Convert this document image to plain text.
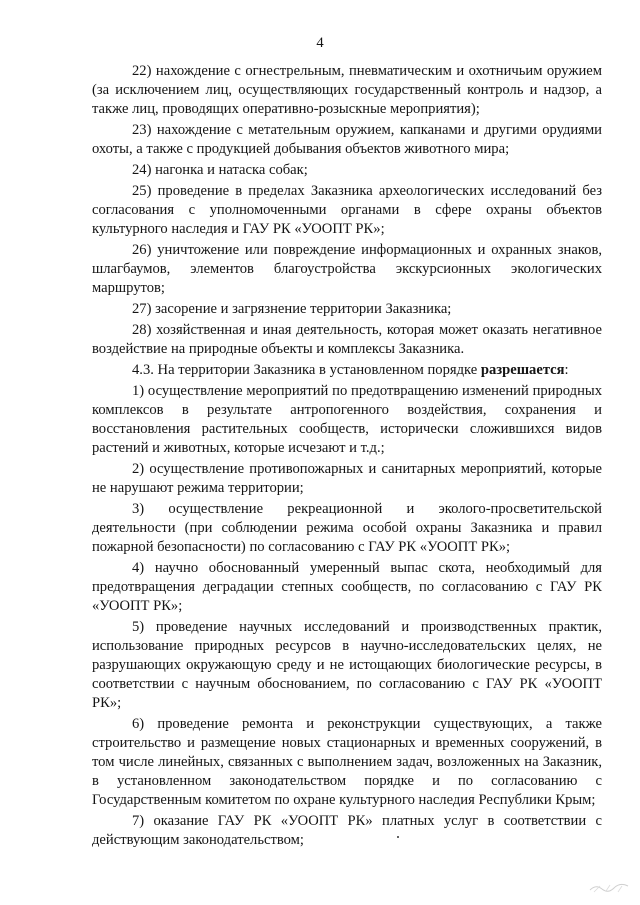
4

22) нахождение с огнестрельным, пневматическим и охотничьим оружием (за исключением лиц, осуществляющих государственный контроль и надзор, а также лиц, проводящих оперативно-розыскные мероприятия);

23) нахождение с метательным оружием, капканами и другими орудиями охоты, а также с продукцией добывания объектов животного мира;

24) нагонка и натаска собак;

25) проведение в пределах Заказника археологических исследований без согласования с уполномоченными органами в сфере охраны объектов культурного наследия и ГАУ РК «УООПТ РК»;

26) уничтожение или повреждение информационных и охранных знаков, шлагбаумов, элементов благоустройства экскурсионных экологических маршрутов;

27) засорение и загрязнение территории Заказника;

28) хозяйственная и иная деятельность, которая может оказать негативное воздействие на природные объекты и комплексы Заказника.

4.3. На территории Заказника в установленном порядке разрешается:

1) осуществление мероприятий по предотвращению изменений природных комплексов в результате антропогенного воздействия, сохранения и восстановления растительных сообществ, исторически сложившихся видов растений и животных, которые исчезают и т.д.;

2) осуществление противопожарных и санитарных мероприятий, которые не нарушают режима территории;

3) осуществление рекреационной и эколого-просветительской деятельности (при соблюдении режима особой охраны Заказника и правил пожарной безопасности) по согласованию с ГАУ РК «УООПТ РК»;

4) научно обоснованный умеренный выпас скота, необходимый для предотвращения деградации степных сообществ, по согласованию с ГАУ РК «УООПТ РК»;

5) проведение научных исследований и производственных практик, использование природных ресурсов в научно-исследовательских целях, не разрушающих окружающую среду и не истощающих биологические ресурсы, в соответствии с научным обоснованием, по согласованию с ГАУ РК «УООПТ РК»;

6) проведение ремонта и реконструкции существующих, а также строительство и размещение новых стационарных и временных сооружений, в том числе линейных, связанных с выполнением задач, возложенных на Заказник, в установленном законодательством порядке и по согласованию с Государственным комитетом по охране культурного наследия Республики Крым;

7) оказание ГАУ РК «УООПТ РК» платных услуг в соответствии с действующим законодательством;
